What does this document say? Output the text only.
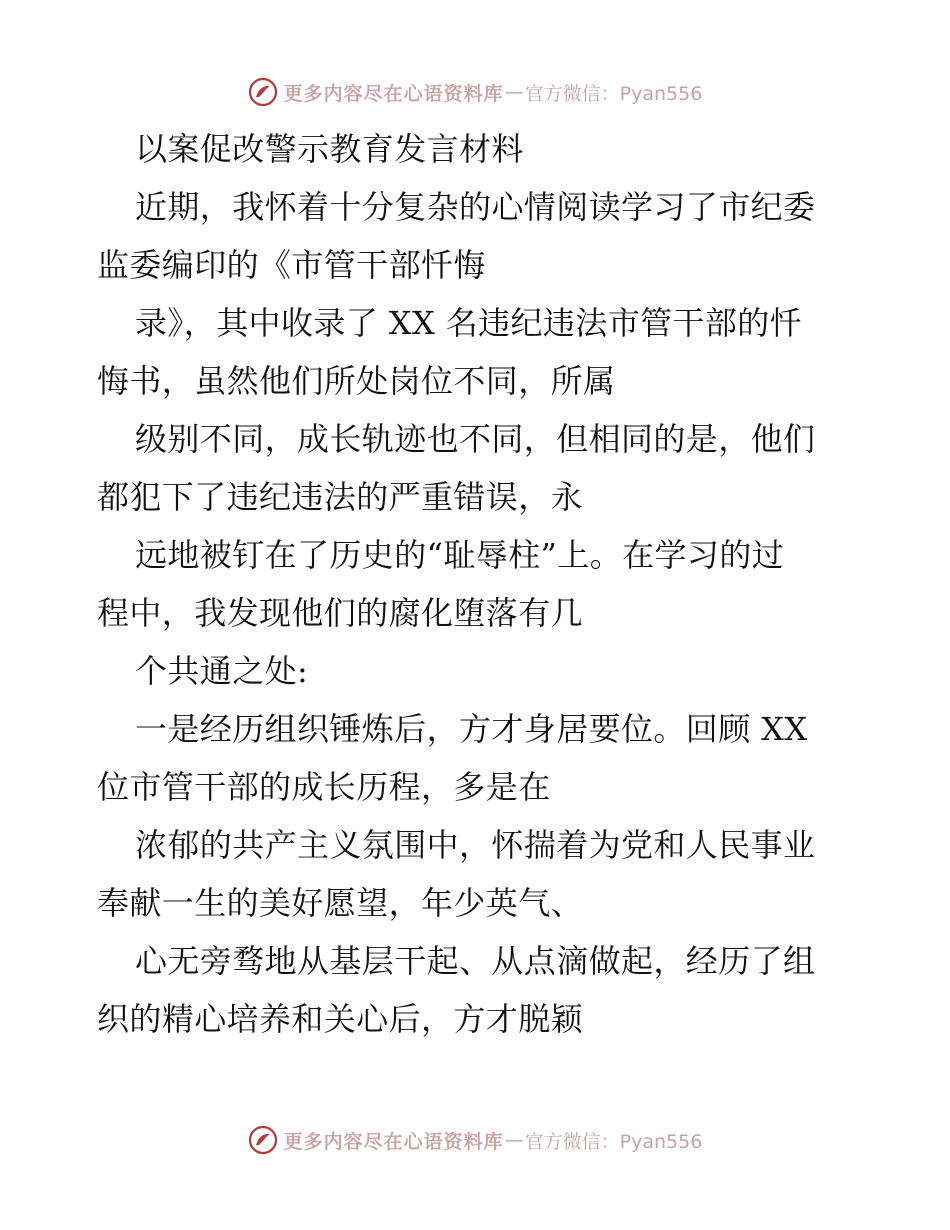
更多内容尽在心语资料库 — 官方微信：Pyan556
以案促改警示教育发言材料
近期，我怀着十分复杂的心情阅读学习了市纪委
监委编印的《市管干部忏悔
录》，其中收录了 XX 名违纪违法市管干部的忏
悔书，虽然他们所处岗位不同，所属
级别不同，成长轨迹也不同，但相同的是，他们
都犯下了违纪违法的严重错误，永
远地被钉在了历史的“耻辱柱”上。在学习的过
程中，我发现他们的腐化堕落有几
个共通之处:
一是经历组织锤炼后，方才身居要位。回顾 XX
位市管干部的成长历程，多是在
浓郁的共产主义氛围中，怀揣着为党和人民事业
奉献一生的美好愿望，年少英气、
心无旁骛地从基层干起、从点滴做起，经历了组
织的精心培养和关心后，方才脱颖
更多内容尽在心语资料库 — 官方微信：Pyan556
